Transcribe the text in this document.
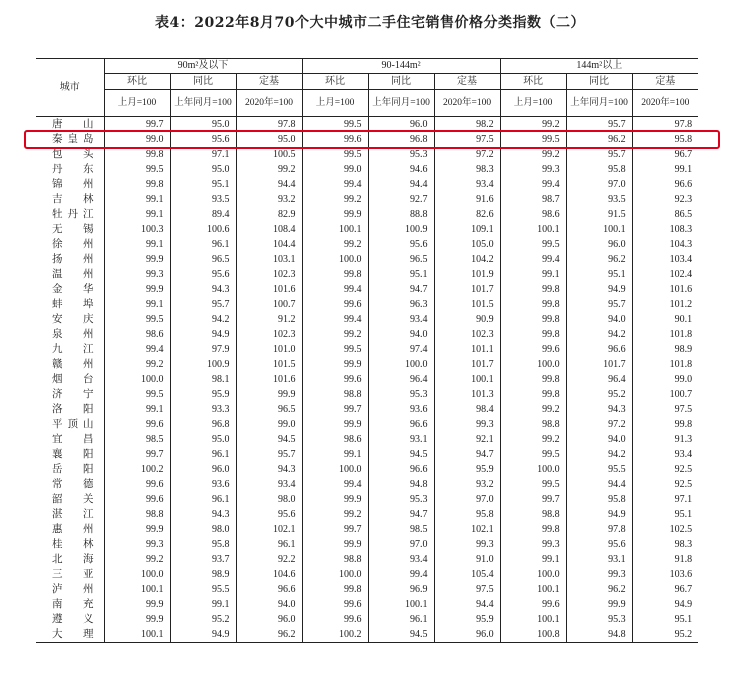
表4：2022年8月70个大中城市二手住宅销售价格分类指数（二）
城市	90m²及以下			90-144m²			144m²以上		
	环比	同比	定基	环比	同比	定基	环比	同比	定基
	上月=100	上年同月=100	2020年=100	上月=100	上年同月=100	2020年=100	上月=100	上年同月=100	2020年=100
唐山	99.7	95.0	97.8	99.5	96.0	98.2	99.2	95.7	97.8
秦皇岛	99.0	95.6	95.0	99.6	96.8	97.5	99.5	96.2	95.8
包头	99.8	97.1	100.5	99.5	95.3	97.2	99.2	95.7	96.7
丹东	99.5	95.0	99.2	99.0	94.6	98.3	99.3	95.8	99.1
锦州	99.8	95.1	94.4	99.4	94.4	93.4	99.4	97.0	96.6
吉林	99.1	93.5	93.2	99.2	92.7	91.6	98.7	93.5	92.3
牡丹江	99.1	89.4	82.9	99.9	88.8	82.6	98.6	91.5	86.5
无锡	100.3	100.6	108.4	100.1	100.9	109.1	100.1	100.1	108.3
徐州	99.1	96.1	104.4	99.2	95.6	105.0	99.5	96.0	104.3
扬州	99.9	96.5	103.1	100.0	96.5	104.2	99.4	96.2	103.4
温州	99.3	95.6	102.3	99.8	95.1	101.9	99.1	95.1	102.4
金华	99.9	94.3	101.6	99.4	94.7	101.7	99.8	94.9	101.6
蚌埠	99.1	95.7	100.7	99.6	96.3	101.5	99.8	95.7	101.2
安庆	99.5	94.2	91.2	99.4	93.4	90.9	99.8	94.0	90.1
泉州	98.6	94.9	102.3	99.2	94.0	102.3	99.8	94.2	101.8
九江	99.4	97.9	101.0	99.5	97.4	101.1	99.6	96.6	98.9
赣州	99.2	100.9	101.5	99.9	100.0	101.7	100.0	101.7	101.8
烟台	100.0	98.1	101.6	99.6	96.4	100.1	99.8	96.4	99.0
济宁	99.5	95.9	99.9	98.8	95.3	101.3	99.8	95.2	100.7
洛阳	99.1	93.3	96.5	99.7	93.6	98.4	99.2	94.3	97.5
平顶山	99.6	96.8	99.0	99.9	96.6	99.3	98.8	97.2	99.8
宜昌	98.5	95.0	94.5	98.6	93.1	92.1	99.2	94.0	91.3
襄阳	99.7	96.1	95.7	99.1	94.5	94.7	99.5	94.2	93.4
岳阳	100.2	96.0	94.3	100.0	96.6	95.9	100.0	95.5	92.5
常德	99.6	93.6	93.4	99.4	94.8	93.2	99.5	94.4	92.5
韶关	99.6	96.1	98.0	99.9	95.3	97.0	99.7	95.8	97.1
湛江	98.8	94.3	95.6	99.2	94.7	95.8	98.8	94.9	95.1
惠州	99.9	98.0	102.1	99.7	98.5	102.1	99.8	97.8	102.5
桂林	99.3	95.8	96.1	99.9	97.0	99.3	99.3	95.6	98.3
北海	99.2	93.7	92.2	98.8	93.4	91.0	99.1	93.1	91.8
三亚	100.0	98.9	104.6	100.0	99.4	105.4	100.0	99.3	103.6
泸州	100.1	95.5	96.6	99.8	96.9	97.5	100.1	96.2	96.7
南充	99.9	99.1	94.0	99.6	100.1	94.4	99.6	99.9	94.9
遵义	99.9	95.2	96.0	99.6	96.1	95.9	100.1	95.3	95.1
大理	100.1	94.9	96.2	100.2	94.5	96.0	100.8	94.8	95.2
